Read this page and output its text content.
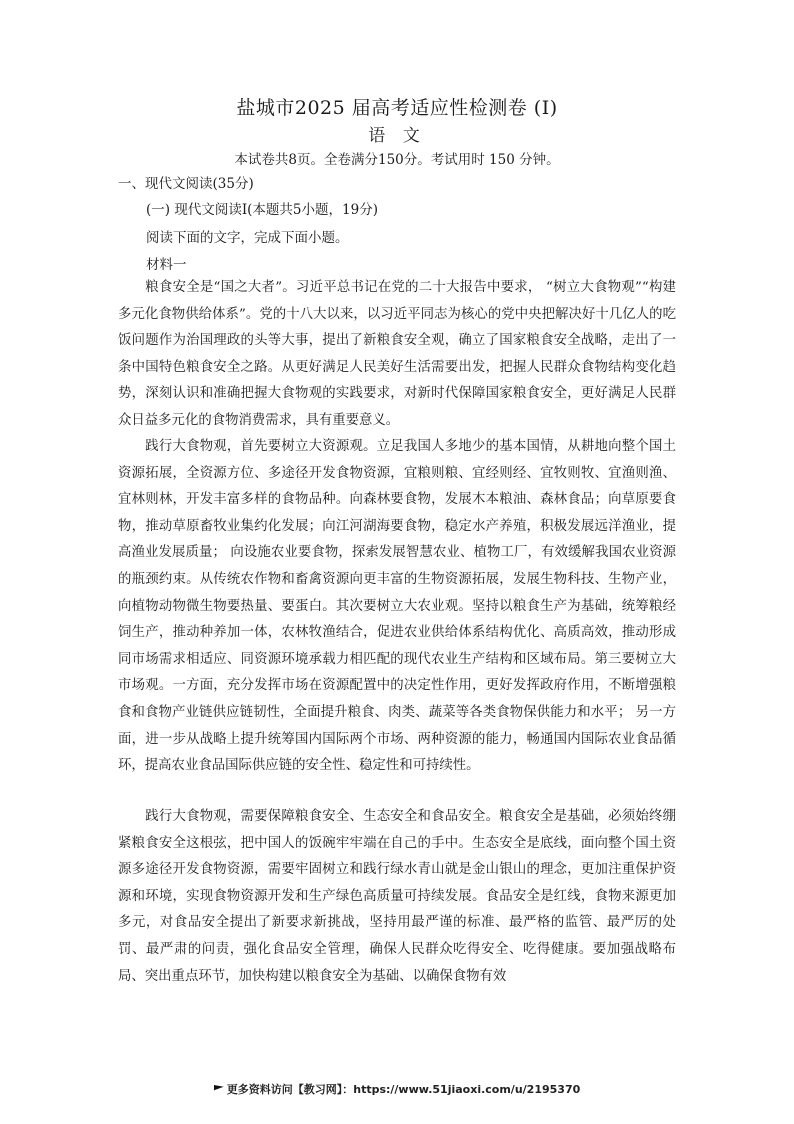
盐城市2025 届高考适应性检测卷 (I)
语 文
本试卷共8页。全卷满分150分。考试用时 150 分钟。
一、现代文阅读(35分)
(一) 现代文阅读Ⅰ(本题共5小题，19分)
阅读下面的文字，完成下面小题。
材料一

　　粮食安全是“国之大者”。习近平总书记在党的二十大报告中要求， “树立大食物观”“构建多元化食物供给体系”。党的十八大以来，以习近平同志为核心的党中央把解决好十几亿人的吃饭问题作为治国理政的头等大事，提出了新粮食安全观，确立了国家粮食安全战略，走出了一条中国特色粮食安全之路。从更好满足人民美好生活需要出发，把握人民群众食物结构变化趋势，深刻认识和准确把握大食物观的实践要求，对新时代保障国家粮食安全，更好满足人民群众日益多元化的食物消费需求，具有重要意义。

　　践行大食物观，首先要树立大资源观。立足我国人多地少的基本国情，从耕地向整个国土资源拓展，全资源方位、多途径开发食物资源，宜粮则粮、宜经则经、宜牧则牧、宜渔则渔、宜林则林，开发丰富多样的食物品种。向森林要食物，发展木本粮油、森林食品；向草原要食物，推动草原畜牧业集约化发展；向江河湖海要食物，稳定水产养殖，积极发展远洋渔业，提高渔业发展质量； 向设施农业要食物，探索发展智慧农业、植物工厂，有效缓解我国农业资源的瓶颈约束。从传统农作物和畜禽资源向更丰富的生物资源拓展，发展生物科技、生物产业，向植物动物微生物要热量、要蛋白。其次要树立大农业观。坚持以粮食生产为基础，统筹粮经饲生产，推动种养加一体，农林牧渔结合，促进农业供给体系结构优化、高质高效，推动形成同市场需求相适应、同资源环境承载力相匹配的现代农业生产结构和区域布局。第三要树立大市场观。一方面，充分发挥市场在资源配置中的决定性作用，更好发挥政府作用，不断增强粮食和食物产业链供应链韧性，全面提升粮食、肉类、蔬菜等各类食物保供能力和水平； 另一方面，进一步从战略上提升统筹国内国际两个市场、两种资源的能力，畅通国内国际农业食品循环，提高农业食品国际供应链的安全性、稳定性和可持续性。

　　践行大食物观，需要保障粮食安全、生态安全和食品安全。粮食安全是基础，必须始终绷紧粮食安全这根弦，把中国人的饭碗牢牢端在自己的手中。生态安全是底线，面向整个国土资源多途径开发食物资源，需要牢固树立和践行绿水青山就是金山银山的理念，更加注重保护资源和环境，实现食物资源开发和生产绿色高质量可持续发展。食品安全是红线，食物来源更加多元，对食品安全提出了新要求新挑战，坚持用最严谨的标准、最严格的监管、最严厉的处罚、最严肃的问责，强化食品安全管理，确保人民群众吃得安全、吃得健康。要加强战略布局、突出重点环节，加快构建以粮食安全为基础、以确保食物有效

更多资料访问【教习网】：https://www.51jiaoxi.com/u/2195370
